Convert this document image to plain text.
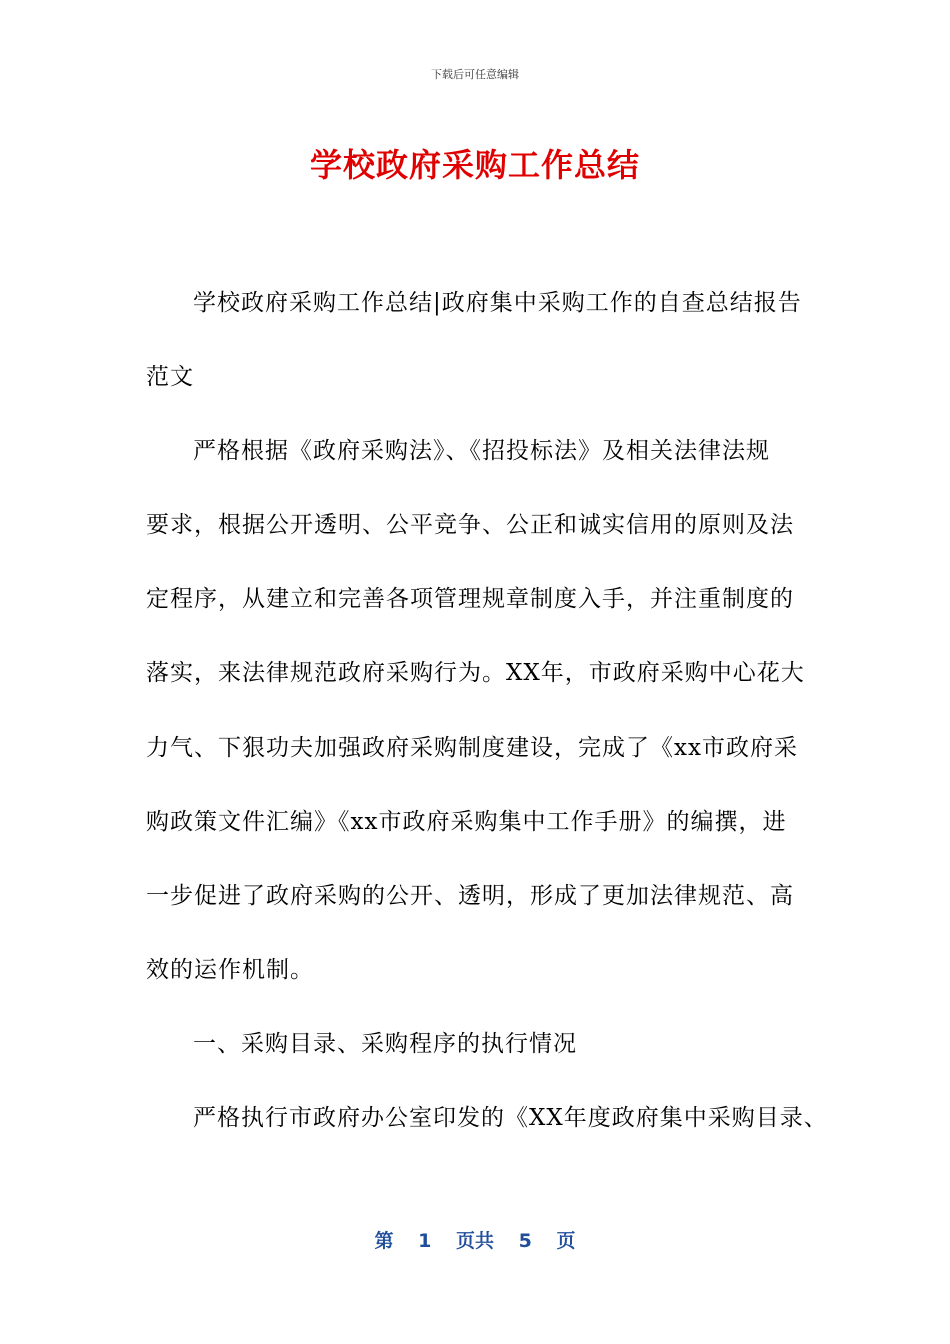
下载后可任意编辑
学校政府采购工作总结
学校政府采购工作总结|政府集中采购工作的自查总结报告
范文
严格根据《政府采购法》、《招投标法》及相关法律法规
要求，根据公开透明、公平竞争、公正和诚实信用的原则及法
定程序，从建立和完善各项管理规章制度入手，并注重制度的
落实，来法律规范政府采购行为。XX年，市政府采购中心花大
力气、下狠功夫加强政府采购制度建设，完成了《xx市政府采
购政策文件汇编》《xx市政府采购集中工作手册》的编撰，进
一步促进了政府采购的公开、透明，形成了更加法律规范、高
效的运作机制。
一、采购目录、采购程序的执行情况
严格执行市政府办公室印发的《XX年度政府集中采购目录、
第 1 页共 5 页
